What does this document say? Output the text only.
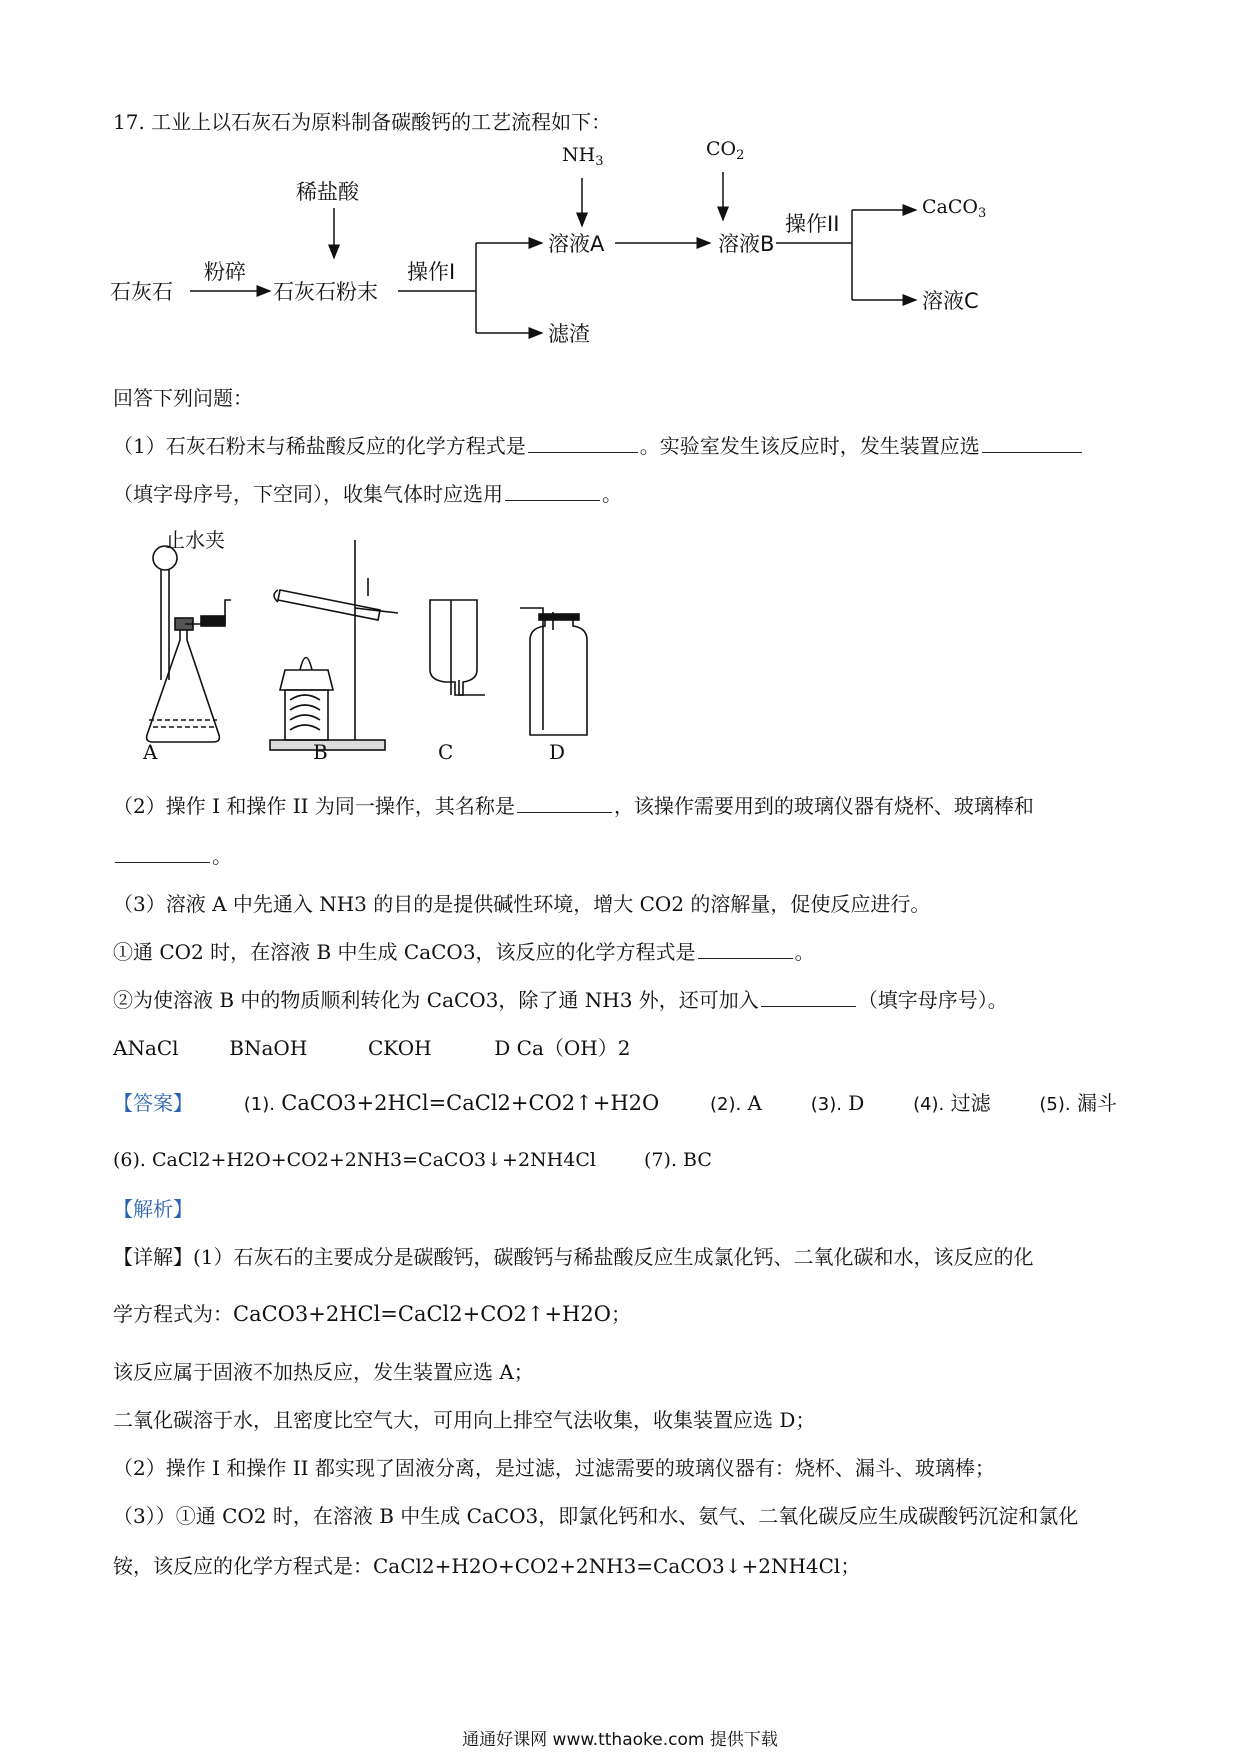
17. 工业上以石灰石为原料制备碳酸钙的工艺流程如下：
石灰石
粉碎
石灰石粉末
稀盐酸
操作I
溶液A
滤渣
$NH_3$
$CO_2$
溶液B
操作II
CaCO$_3$
溶液C
回答下列问题：
（1）石灰石粉末与稀盐酸反应的化学方程式是	。实验室发生该反应时，发生装置应选
（填字母序号，下空同），收集气体时应选用	。
止水夹
A	B	C	D
（2）操作 I 和操作 II 为同一操作，其名称是	，该操作需要用到的玻璃仪器有烧杯、玻璃棒和
。
（3）溶液 A 中先通入 NH3 的目的是提供碱性环境，增大 CO2 的溶解量，促使反应进行。
①通 CO2 时，在溶液 B 中生成 CaCO3，该反应的化学方程式是	。
②为使溶液 B 中的物质顺利转化为 CaCO3，除了通 NH3 外，还可加入	（填字母序号）。
ANaCl	BNaOH	CKOH	D Ca（OH）2
【答案】	(1). CaCO3+2HCl=CaCl2+CO2↑+H2O	(2). A	(3). D	(4). 过滤	(5). 漏斗
(6). CaCl2+H2O+CO2+2NH3=CaCO3↓+2NH4Cl	(7). BC
【解析】
【详解】(1）石灰石的主要成分是碳酸钙，碳酸钙与稀盐酸反应生成氯化钙、二氧化碳和水，该反应的化
学方程式为：CaCO3+2HCl=CaCl2+CO2↑+H2O；
该反应属于固液不加热反应，发生装置应选 A；
二氧化碳溶于水，且密度比空气大，可用向上排空气法收集，收集装置应选 D；
（2）操作 I 和操作 II 都实现了固液分离，是过滤，过滤需要的玻璃仪器有：烧杯、漏斗、玻璃棒；
（3））①通 CO2 时，在溶液 B 中生成 CaCO3，即氯化钙和水、氨气、二氧化碳反应生成碳酸钙沉淀和氯化
铵，该反应的化学方程式是：CaCl2+H2O+CO2+2NH3=CaCO3↓+2NH4Cl；
通通好课网 www.tthaoke.com 提供下载
